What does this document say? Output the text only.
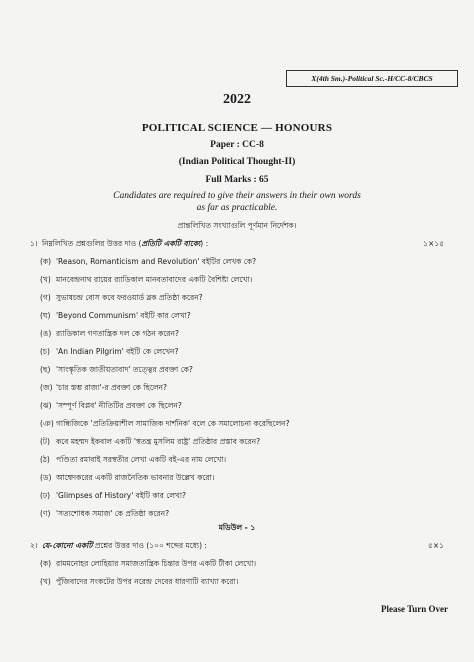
X(4th Sm.)-Political Sc.-H/CC-8/CBCS
2022
POLITICAL SCIENCE — HONOURS
Paper : CC-8
(Indian Political Thought-II)
Full Marks : 65
Candidates are required to give their answers in their own words
as far as practicable.
প্রান্তলিখিত সংখ্যাগুলি পূর্ণমান নির্দেশক।
১। নিম্নলিখিত প্রশ্নগুলির উত্তর দাও (প্রতিটি একটি বাক্যে) :	১×১৫
(ক) 'Reason, Romanticism and Revolution' বইটির লেখক কে?
(খ) মানবেন্দ্রনাথ রায়ের র‍্যাডিকাল মানবতাবাদের একটি বৈশিষ্ট্য লেখো।
(গ) সুভাষচন্দ্র বোস কবে ফরওয়ার্ড ব্লক প্রতিষ্ঠা করেন?
(ঘ) 'Beyond Communism' বইটি কার লেখা?
(ঙ) র‍্যাডিকাল গণতান্ত্রিক দল কে গঠন করেন?
(চ) 'An Indian Pilgrim' বইটি কে লেখেন?
(ছ) 'সাংস্কৃতিক জাতীয়তাবাদ' তত্ত্বের প্রবক্তা কে?
(জ) 'চার স্তম্ভ রাজ্য'-র প্রবক্তা কে ছিলেন?
(ঝ) 'সম্পূর্ণ বিপ্লব' নীতিটির প্রবক্তা কে ছিলেন?
(ঞ) গান্ধিজিকে 'প্রতিক্রিয়াশীল সামাজিক দার্শনিক' বলে কে সমালোচনা করেছিলেন?
(ট) কবে মহম্মদ ইকবাল একটি 'স্বতন্ত্র মুসলিম রাষ্ট্র' প্রতিষ্ঠার প্রস্তাব করেন?
(ঠ) পণ্ডিতা রমাবাই সরস্বতীর লেখা একটি বই-এর নাম লেখো।
(ড) আম্বেদকরের একটি রাজনৈতিক ভাবনার উল্লেখ করো।
(ঢ) 'Glimpses of History' বইটি কার লেখা?
(ণ) 'সত্যশোধক সমাজ' কে প্রতিষ্ঠা করেন?
মডিউল - ১
২। যে-কোনো একটি প্রশ্নের উত্তর দাও (১০০ শব্দের মধ্যে) :	৫×১
(ক) রামমনোহর লোহিয়ার সমাজতান্ত্রিক চিন্তার উপর একটি টীকা লেখো।
(খ) পুঁজিবাদের সংকটের উপর নরেন্দ্র দেবের ধারণাটি ব্যাখ্যা করো।
Please Turn Over
